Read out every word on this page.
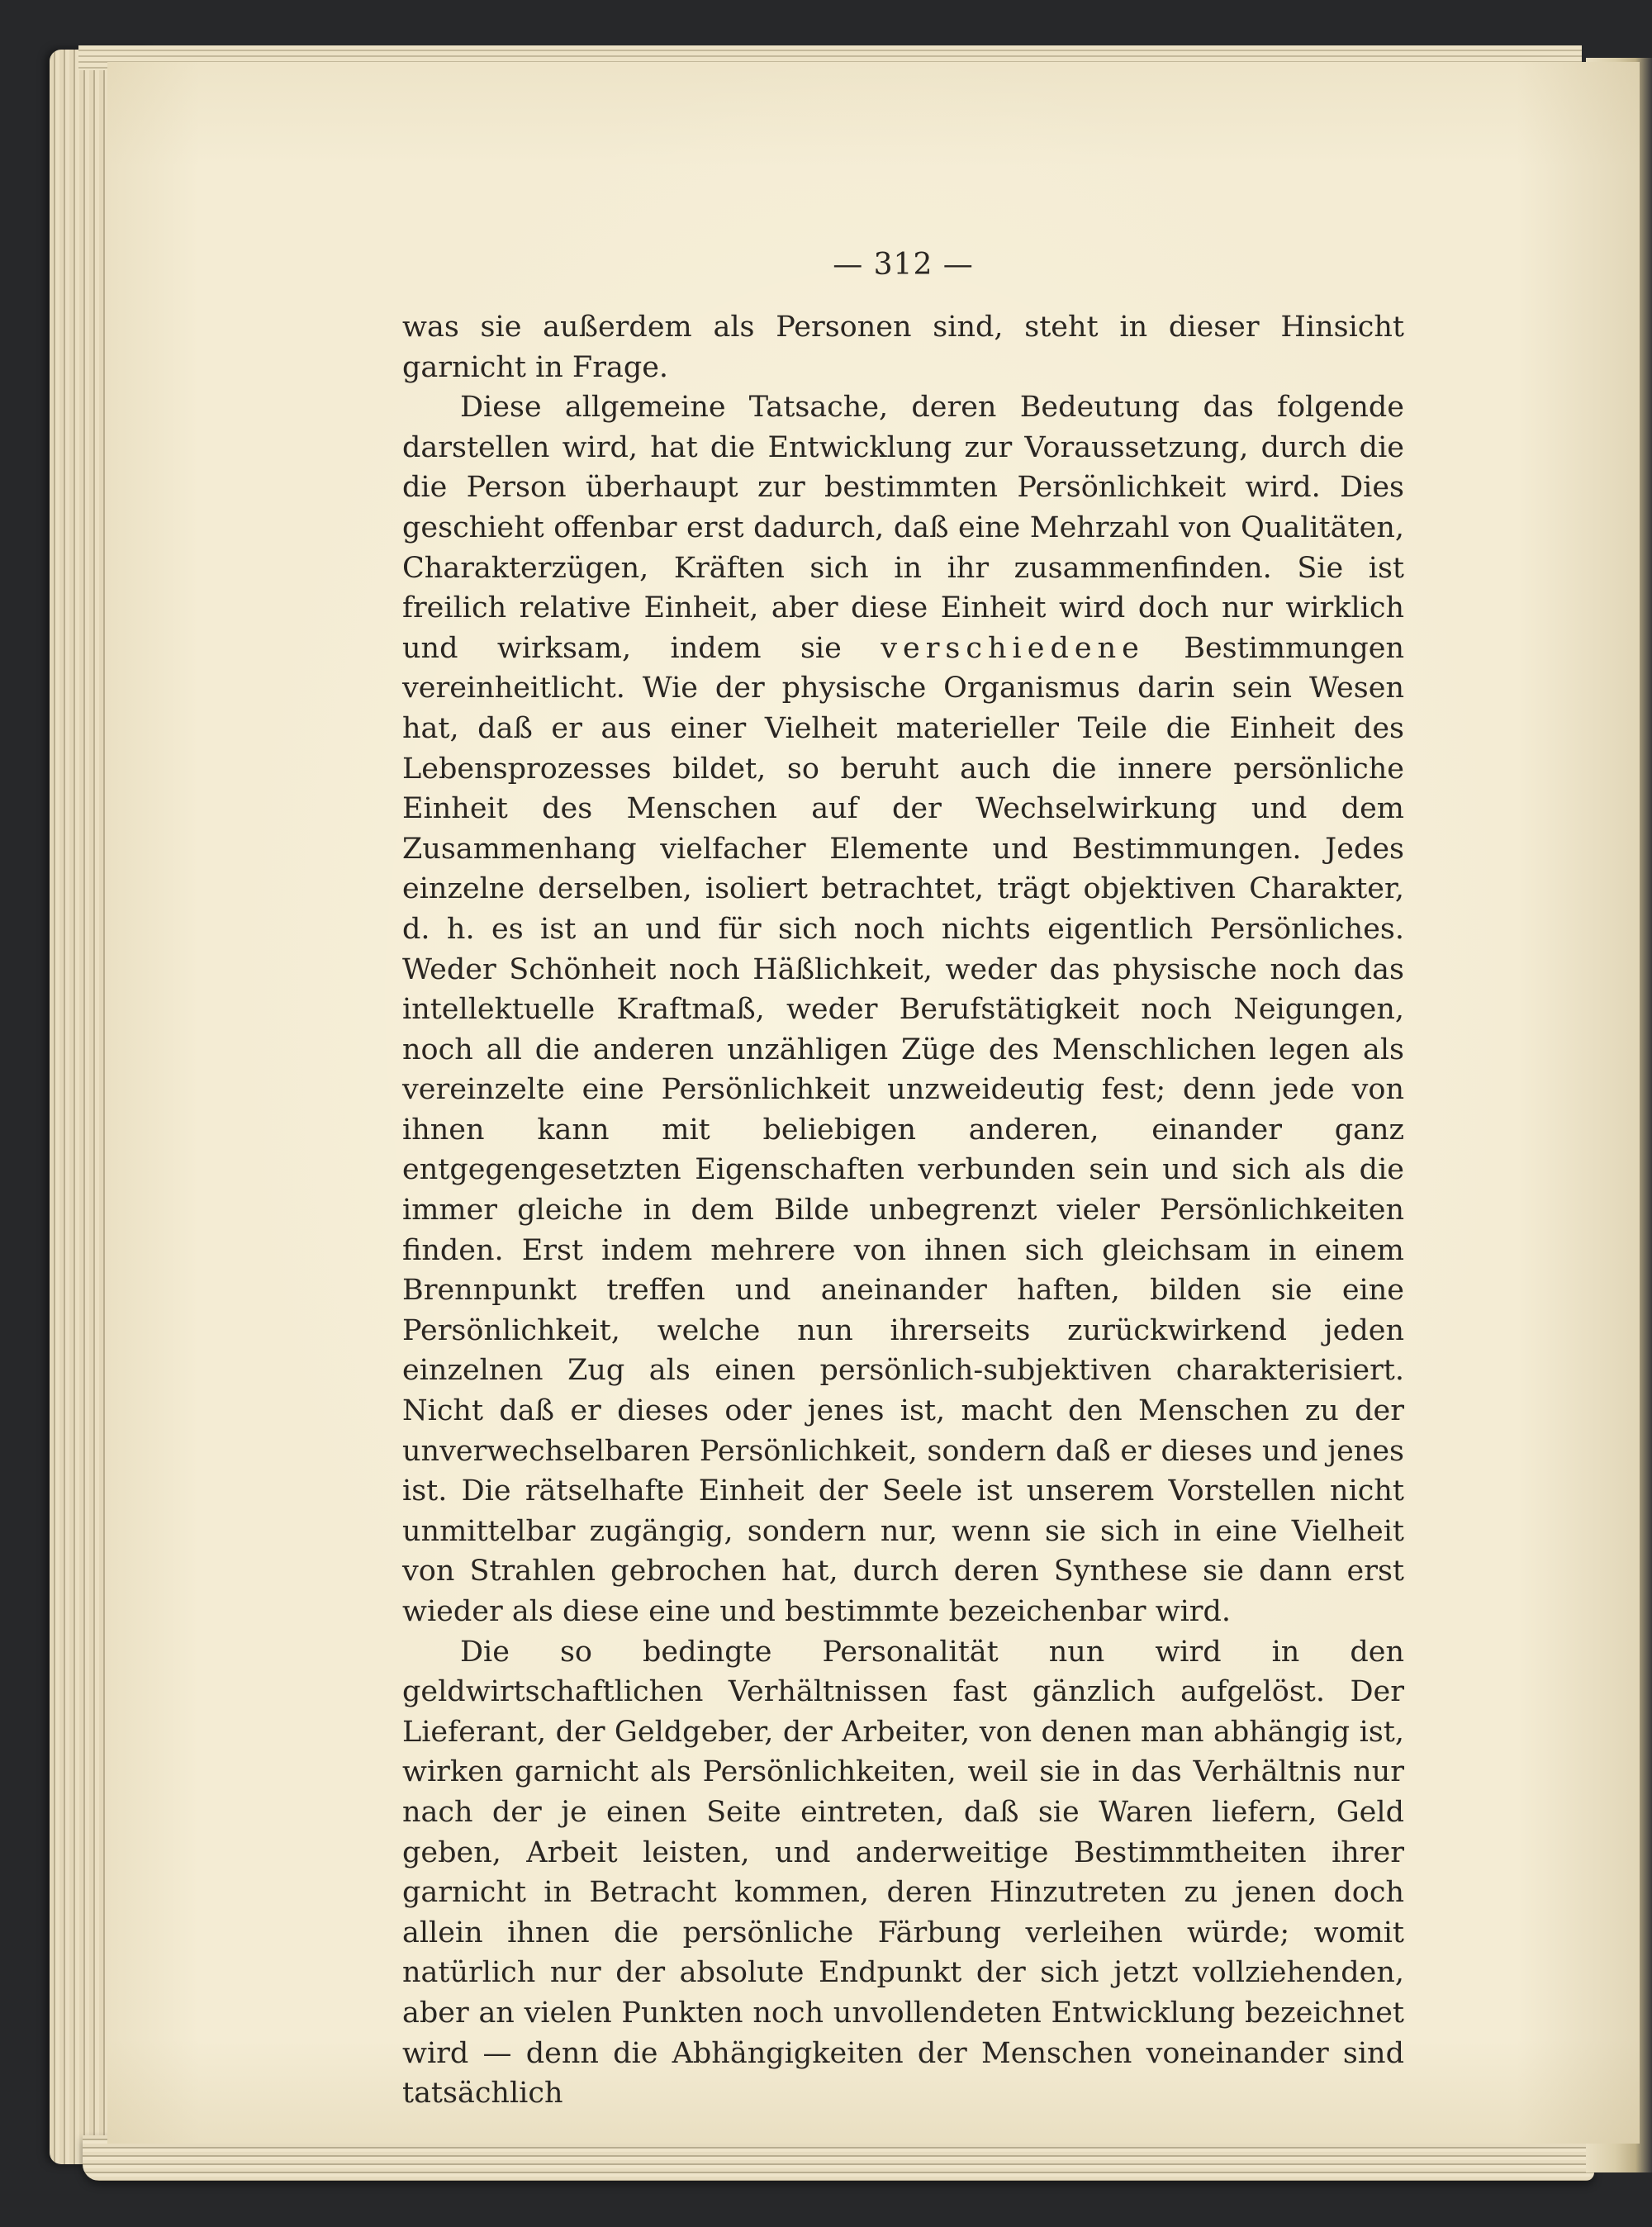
— 312 —

was sie außerdem als Personen sind, steht in dieser Hinsicht garnicht in Frage.

Diese allgemeine Tatsache, deren Bedeutung das folgende darstellen wird, hat die Entwicklung zur Voraussetzung, durch die die Person überhaupt zur bestimmten Persönlichkeit wird. Dies geschieht offenbar erst dadurch, daß eine Mehrzahl von Qualitäten, Charakterzügen, Kräften sich in ihr zusammenfinden. Sie ist freilich relative Einheit, aber diese Einheit wird doch nur wirklich und wirksam, indem sie verschiedene Bestimmungen vereinheitlicht. Wie der physische Organismus darin sein Wesen hat, daß er aus einer Vielheit materieller Teile die Einheit des Lebensprozesses bildet, so beruht auch die innere persönliche Einheit des Menschen auf der Wechselwirkung und dem Zusammenhang vielfacher Elemente und Bestimmungen. Jedes einzelne derselben, isoliert betrachtet, trägt objektiven Charakter, d. h. es ist an und für sich noch nichts eigentlich Persönliches. Weder Schönheit noch Häßlichkeit, weder das physische noch das intellektuelle Kraftmaß, weder Berufstätigkeit noch Neigungen, noch all die anderen unzähligen Züge des Menschlichen legen als vereinzelte eine Persönlichkeit unzweideutig fest; denn jede von ihnen kann mit beliebigen anderen, einander ganz entgegengesetzten Eigenschaften verbunden sein und sich als die immer gleiche in dem Bilde unbegrenzt vieler Persönlichkeiten finden. Erst indem mehrere von ihnen sich gleichsam in einem Brennpunkt treffen und aneinander haften, bilden sie eine Persönlichkeit, welche nun ihrerseits zurückwirkend jeden einzelnen Zug als einen persönlich-subjektiven charakterisiert. Nicht daß er dieses oder jenes ist, macht den Menschen zu der unverwechselbaren Persönlichkeit, sondern daß er dieses und jenes ist. Die rätselhafte Einheit der Seele ist unserem Vorstellen nicht unmittelbar zugängig, sondern nur, wenn sie sich in eine Vielheit von Strahlen gebrochen hat, durch deren Synthese sie dann erst wieder als diese eine und bestimmte bezeichenbar wird.

Die so bedingte Personalität nun wird in den geldwirtschaftlichen Verhältnissen fast gänzlich aufgelöst. Der Lieferant, der Geldgeber, der Arbeiter, von denen man abhängig ist, wirken garnicht als Persönlichkeiten, weil sie in das Verhältnis nur nach der je einen Seite eintreten, daß sie Waren liefern, Geld geben, Arbeit leisten, und anderweitige Bestimmtheiten ihrer garnicht in Betracht kommen, deren Hinzutreten zu jenen doch allein ihnen die persönliche Färbung verleihen würde; womit natürlich nur der absolute Endpunkt der sich jetzt vollziehenden, aber an vielen Punkten noch unvollendeten Entwicklung bezeichnet wird — denn die Abhängigkeiten der Menschen voneinander sind tatsächlich
